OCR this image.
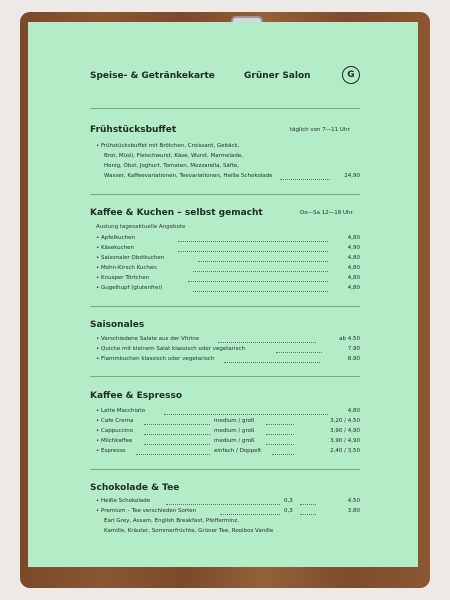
Speise- & Getränkekarte	Grüner Salon	G
Frühstücksbuffet	täglich von 7—11 Uhr
• Frühstücksbuffet mit Brötchen, Croissant, Gebäck,
Brot, Müsli, Fleischwurst, Käse, Wurst, Marmelade,
Honig, Obst, Joghurt, Tomaten, Mozzarella, Säfte,
Wasser, Kaffeevariationen, Teevariationen, Heiße Schokolade	24,90
Kaffee & Kuchen – selbst gemacht	Do—Sa 12—18 Uhr
Auslung tagesaktuelle Angebote
• Apfelkuchen	4,80
• Käsekuchen	4,90
• Saisonaler Obstkuchen	4,80
• Mohn-Kirsch Kuchen	4,80
• Knusper Törtchen	4,80
• Gugelhupf (glutenfrei)	4,80
Saisonales
• Verschiedene Salate aus der Vitrine	ab 4,50
• Quiche mit kleinem Salat klassisch oder vegetarisch	7,90
• Flammkuchen klassisch oder vegetarisch	8,90
Kaffee & Espresso
• Latte Macchiato	4,80
• Cafe Crema	medium / groß	3,20 / 4,50
• Cappuccino	medium / groß	3,90 / 4,90
• Milchkaffee	medium / groß	3,90 / 4,90
• Espresso	einfach / Doppelt	2,40 / 3,50
Schokolade & Tee
• Heiße Schokolade	0,3	4,50
• Premium – Tee verschieden Sorten	0,3	3,80
Earl Grey, Assam, English Breakfast, Pfefferminz,
Kamille, Kräuter, Sommerfrüchte, Grüner Tee, Rooibos Vanille
